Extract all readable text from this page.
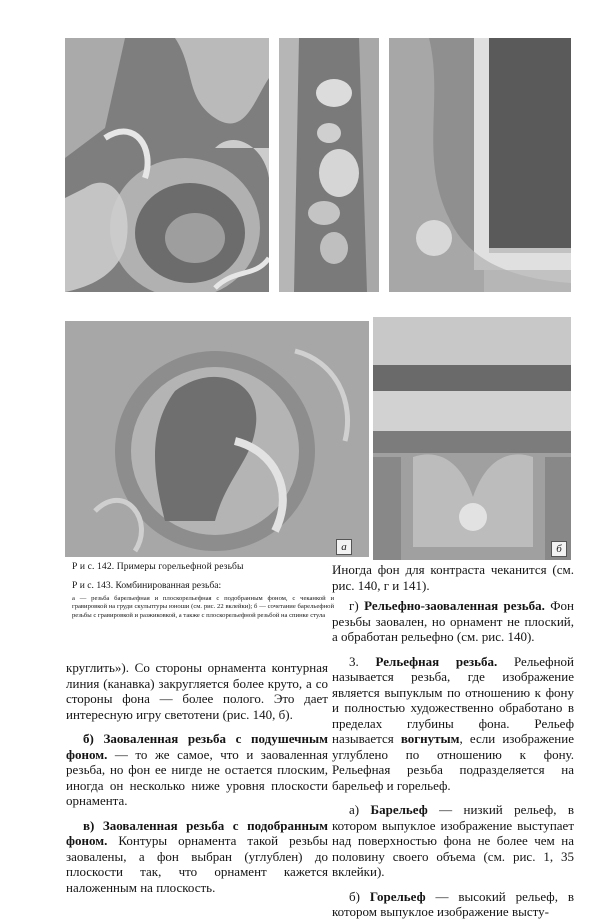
а	б
Р и с. 142. Примеры горельефной резьбы
Р и с. 143. Комбинированная резьба:
а — резьба барельефная и плоскорельефная с подобранным фоном, с чеканкой и гравировкой на груди скульптуры юноши (см. рис. 22 вклейки); б — сочетание барельефной резьбы с гравировкой и разжиковкой, а также с плоскорельефной резьбой на спинке стула

круглить»). Со стороны орнамента контурная линия (канавка) закругляется более круто, а со стороны фона — более полого. Это дает интересную игру светотени (рис. 140, б).

б) Заоваленная резьба с подушечным фоном. — то же самое, что и заоваленная резьба, но фон ее нигде не остается плоским, иногда он несколько ниже уровня плоскости орнамента.

в) Заоваленная резьба с подобранным фоном. Контуры орнамента такой резьбы заовалены, а фон выбран (углублен) до плоскости так, что орнамент кажется наложенным на плоскость.

Иногда фон для контраста чеканится (см. рис. 140, г и 141).

г) Рельефно-заоваленная резьба. Фон резьбы заовален, но орнамент не плоский, а обработан рельефно (см. рис. 140).

3. Рельефная резьба. Рельефной называется резьба, где изображение является выпуклым по отношению к фону и полностью художественно обработано в пределах глубины фона. Рельеф называется вогнутым, если изображение углублено по отношению к фону. Рельефная резьба подразделяется на барельеф и горельеф.

а) Барельеф — низкий рельеф, в котором выпуклое изображение выступает над поверхностью фона не более чем на половину своего объема (см. рис. 1, 35 вклейки).

б) Горельеф — высокий рельеф, в котором выпуклое изображение высту-
